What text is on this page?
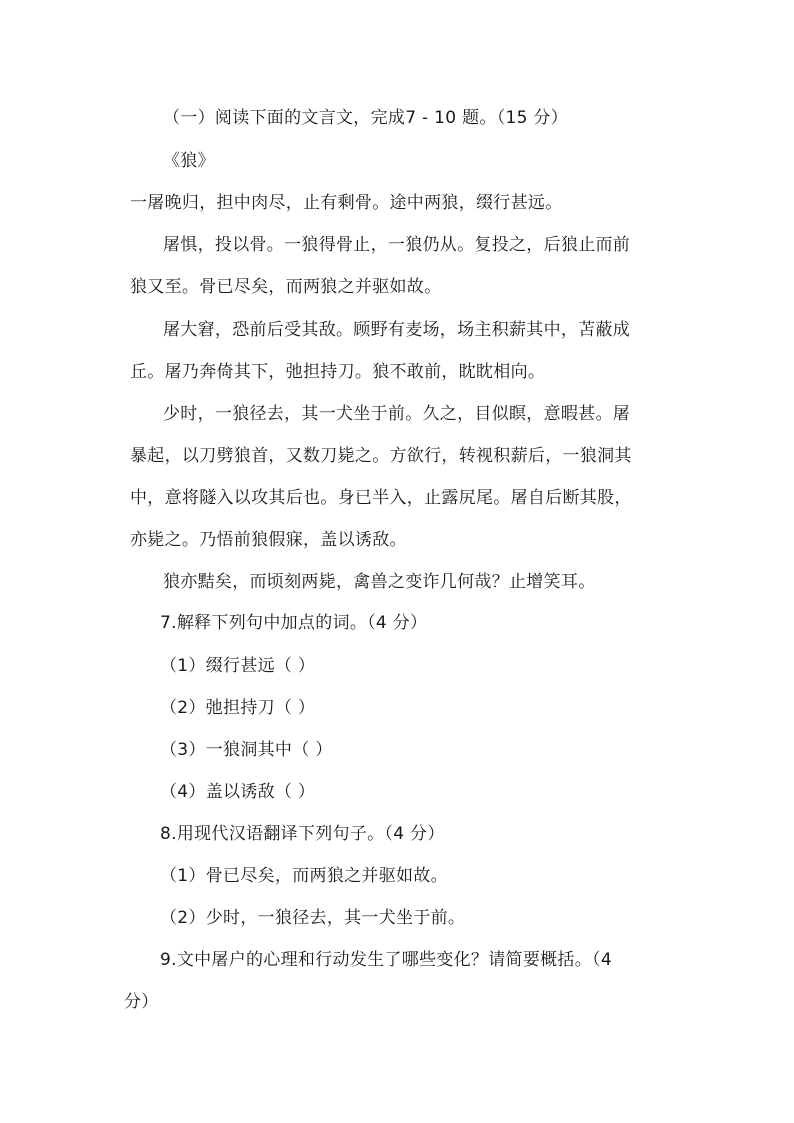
（一）阅读下面的文言文，完成7 - 10 题。（15 分）
《狼》
一屠晚归，担中肉尽，止有剩骨。途中两狼，缀行甚远。
屠惧，投以骨。一狼得骨止，一狼仍从。复投之，后狼止而前
狼又至。骨已尽矣，而两狼之并驱如故。
屠大窘，恐前后受其敌。顾野有麦场，场主积薪其中，苫蔽成
丘。屠乃奔倚其下，弛担持刀。狼不敢前，眈眈相向。
少时，一狼径去，其一犬坐于前。久之，目似瞑，意暇甚。屠
暴起，以刀劈狼首，又数刀毙之。方欲行，转视积薪后，一狼洞其
中，意将隧入以攻其后也。身已半入，止露尻尾。屠自后断其股，
亦毙之。乃悟前狼假寐，盖以诱敌。
狼亦黠矣，而顷刻两毙，禽兽之变诈几何哉？止增笑耳。
7.解释下列句中加点的词。（4 分）
（1）缀行甚远（ ）
（2）弛担持刀（ ）
（3）一狼洞其中（ ）
（4）盖以诱敌（ ）
8.用现代汉语翻译下列句子。（4 分）
（1）骨已尽矣，而两狼之并驱如故。
（2）少时，一狼径去，其一犬坐于前。
9.文中屠户的心理和行动发生了哪些变化？请简要概括。（4
分）
